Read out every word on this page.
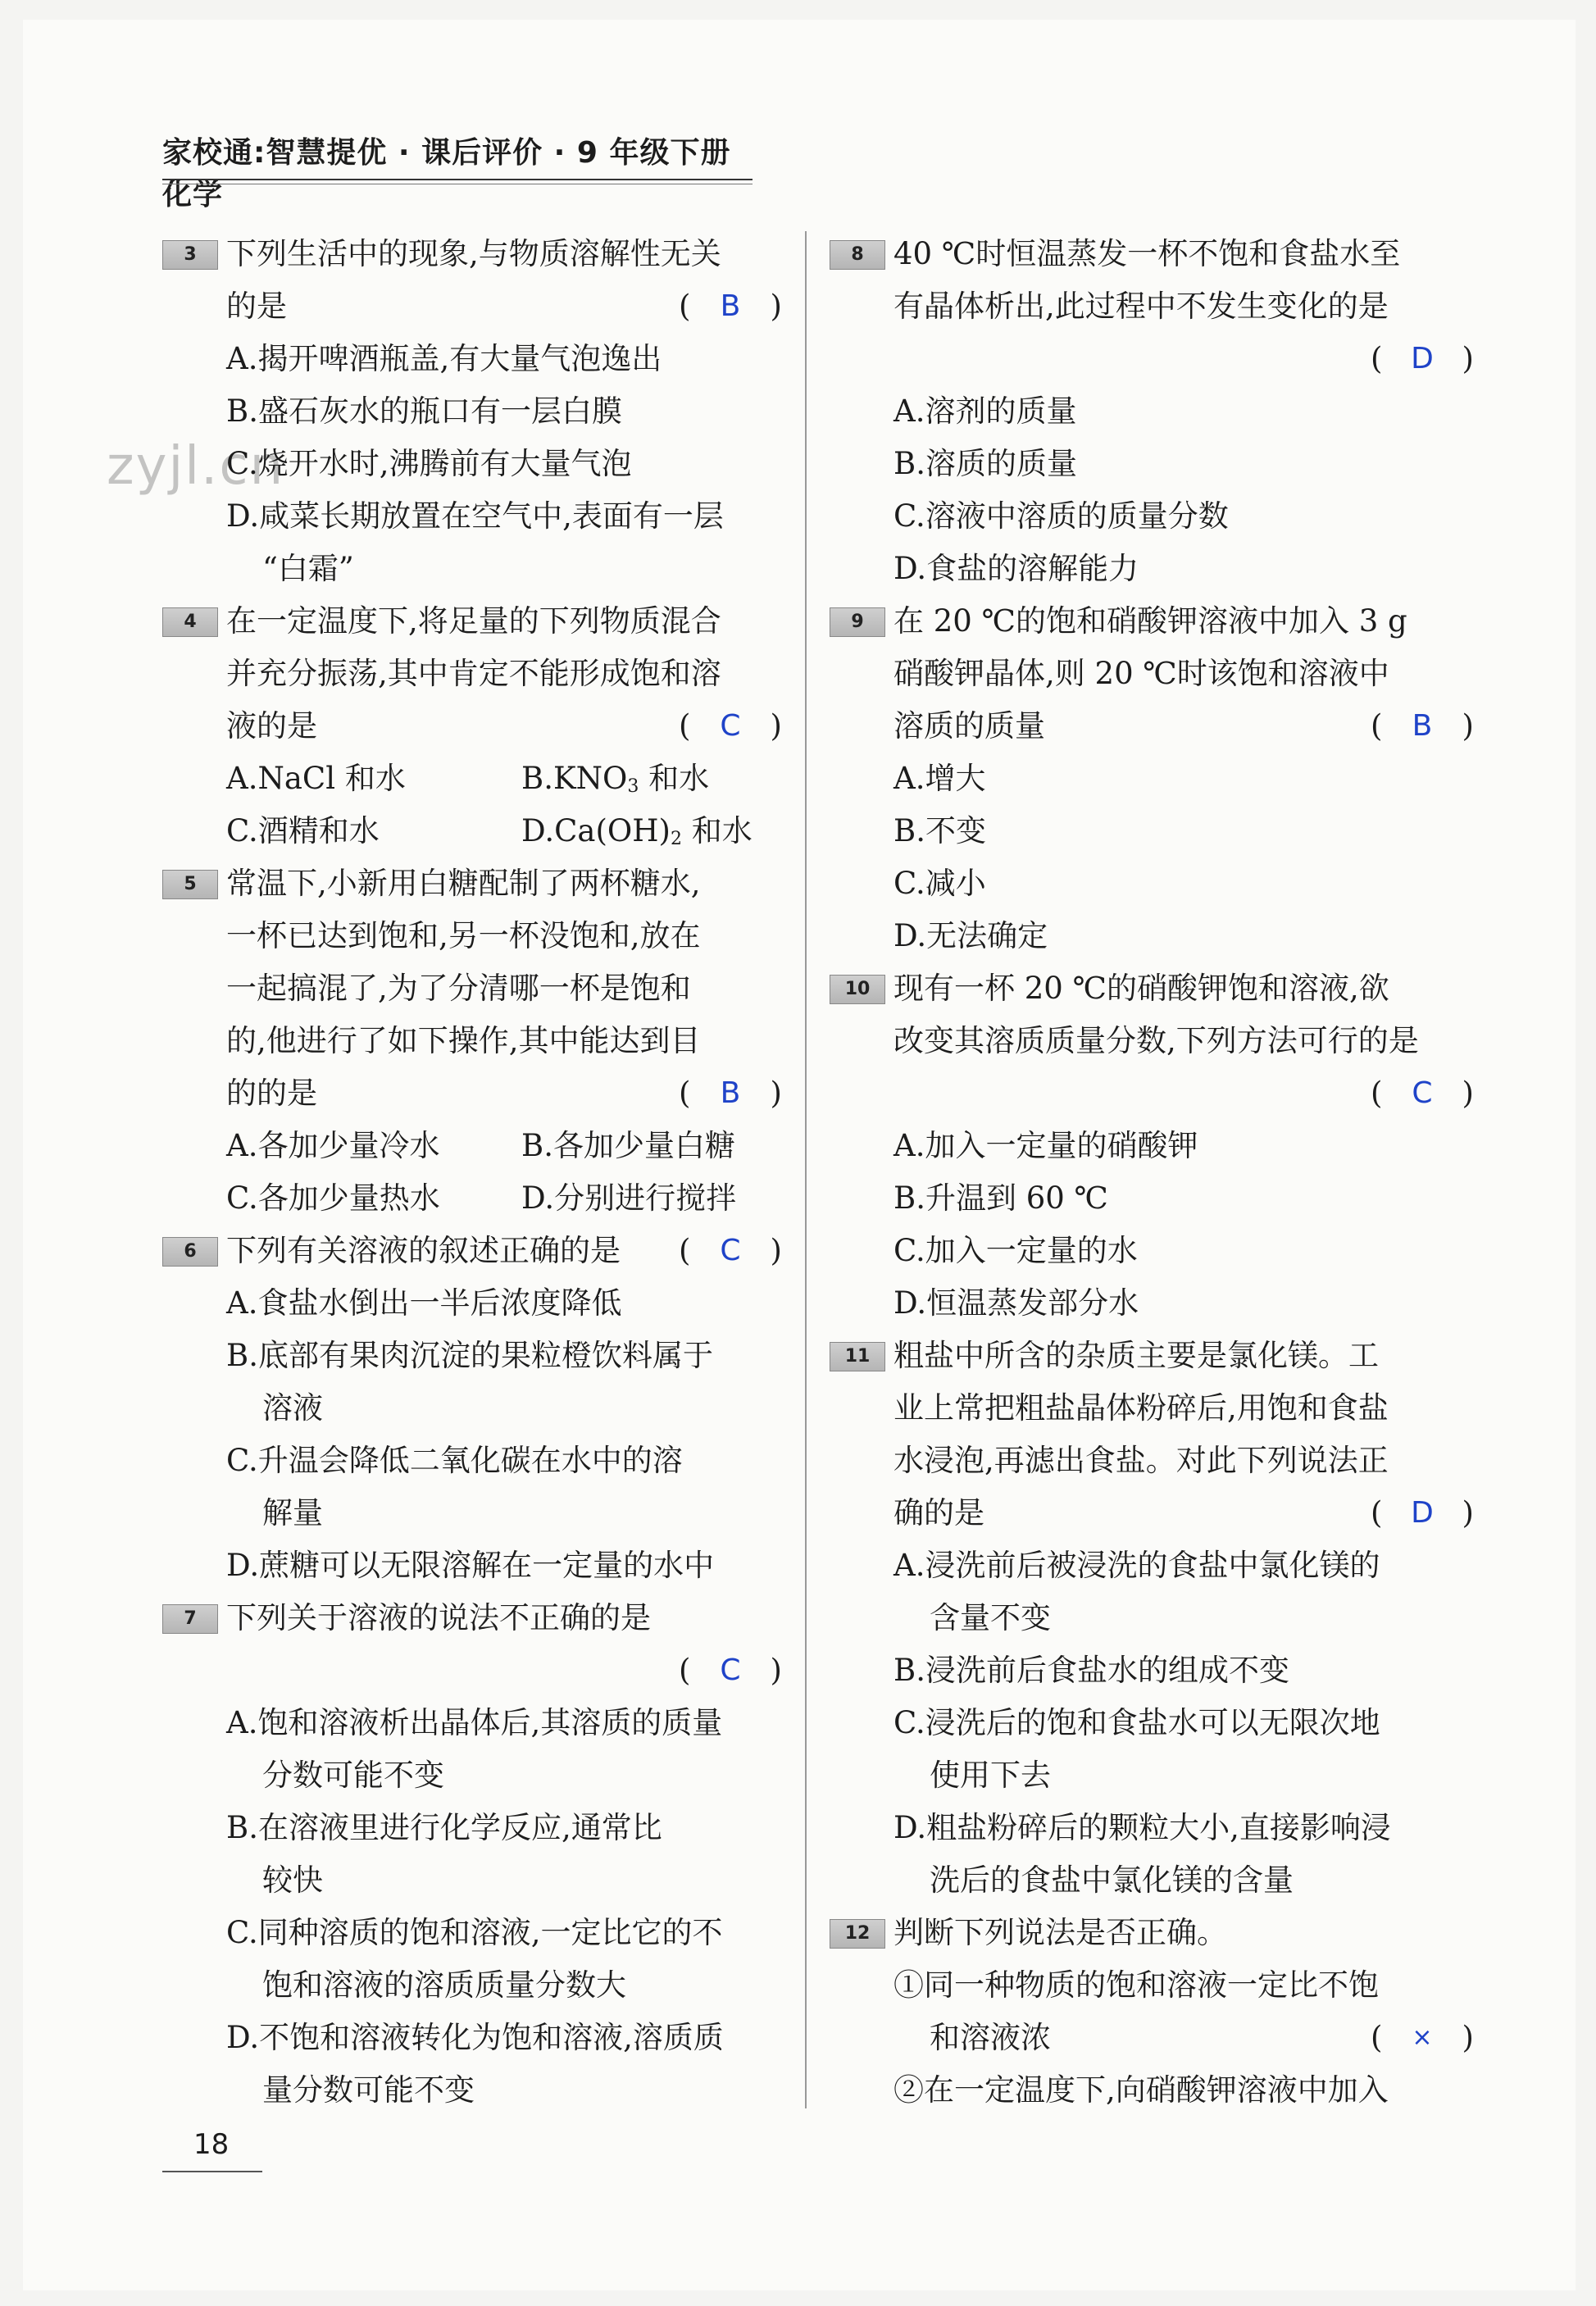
家校通:智慧提优 · 课后评价 · 9 年级下册化学
zyjl.cn
3 下列生活中的现象,与物质溶解性无关
的是	( B )
A.揭开啤酒瓶盖,有大量气泡逸出
B.盛石灰水的瓶口有一层白膜
C.烧开水时,沸腾前有大量气泡
D.咸菜长期放置在空气中,表面有一层
“白霜”
4 在一定温度下,将足量的下列物质混合
并充分振荡,其中肯定不能形成饱和溶
液的是	( C )
A.NaCl 和水	$B.KNO_3$ 和水
C.酒精和水	$D.Ca(OH)_2$ 和水
5 常温下,小新用白糖配制了两杯糖水,
一杯已达到饱和,另一杯没饱和,放在
一起搞混了,为了分清哪一杯是饱和
的,他进行了如下操作,其中能达到目
的的是	( B )
A.各加少量冷水	B.各加少量白糖
C.各加少量热水	D.分别进行搅拌
6 下列有关溶液的叙述正确的是 ( C )
A.食盐水倒出一半后浓度降低
B.底部有果肉沉淀的果粒橙饮料属于
溶液
C.升温会降低二氧化碳在水中的溶
解量
D.蔗糖可以无限溶解在一定量的水中
7 下列关于溶液的说法不正确的是
( C )
A.饱和溶液析出晶体后,其溶质的质量
分数可能不变
B.在溶液里进行化学反应,通常比
较快
C.同种溶质的饱和溶液,一定比它的不
饱和溶液的溶质质量分数大
D.不饱和溶液转化为饱和溶液,溶质质
量分数可能不变
8 40 ℃时恒温蒸发一杯不饱和食盐水至
有晶体析出,此过程中不发生变化的是
( D )
A.溶剂的质量
B.溶质的质量
C.溶液中溶质的质量分数
D.食盐的溶解能力
9 在 20 ℃的饱和硝酸钾溶液中加入 3 g
硝酸钾晶体,则 20 ℃时该饱和溶液中
溶质的质量	( B )
A.增大
B.不变
C.减小
D.无法确定
10 现有一杯 20 ℃的硝酸钾饱和溶液,欲
改变其溶质质量分数,下列方法可行的是
( C )
A.加入一定量的硝酸钾
B.升温到 60 ℃
C.加入一定量的水
D.恒温蒸发部分水
11 粗盐中所含的杂质主要是氯化镁。工
业上常把粗盐晶体粉碎后,用饱和食盐
水浸泡,再滤出食盐。对此下列说法正
确的是	( D )
A.浸洗前后被浸洗的食盐中氯化镁的
含量不变
B.浸洗前后食盐水的组成不变
C.浸洗后的饱和食盐水可以无限次地
使用下去
D.粗盐粉碎后的颗粒大小,直接影响浸
洗后的食盐中氯化镁的含量
12 判断下列说法是否正确。
①同一种物质的饱和溶液一定比不饱
和溶液浓	( × )
②在一定温度下,向硝酸钾溶液中加入
18
